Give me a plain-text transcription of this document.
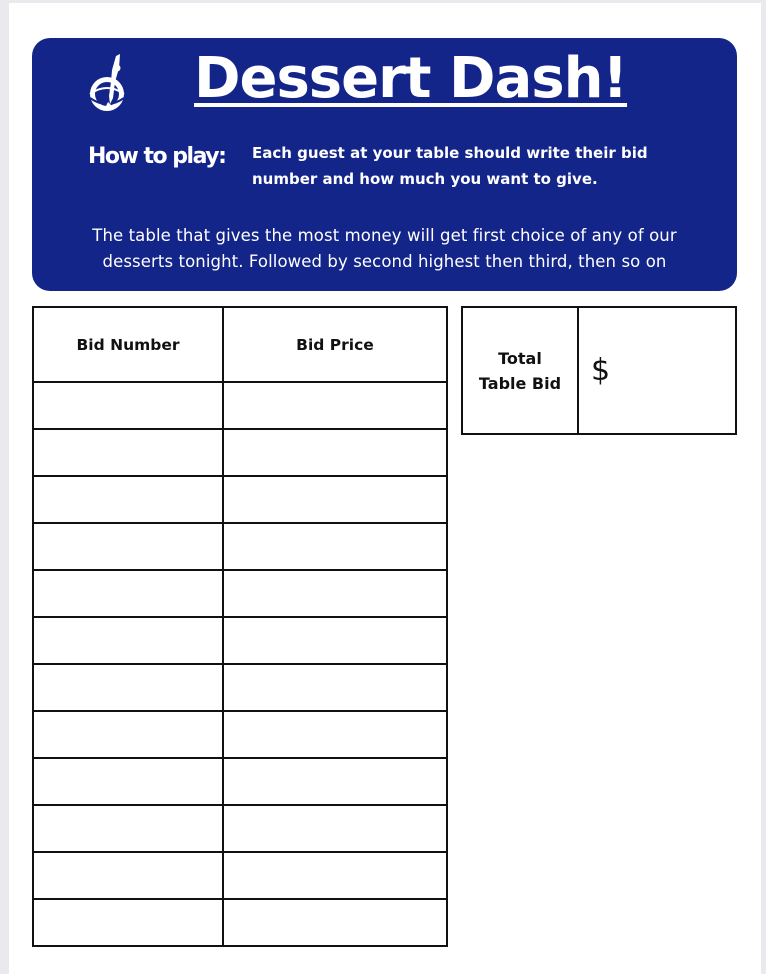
Dessert Dash!
How to play: Each guest at your table should write their bid number and how much you want to give.
The table that gives the most money will get first choice of any of our
desserts tonight. Followed by second highest then third, then so on
Bid Number	Bid Price

Total
Table Bid $
